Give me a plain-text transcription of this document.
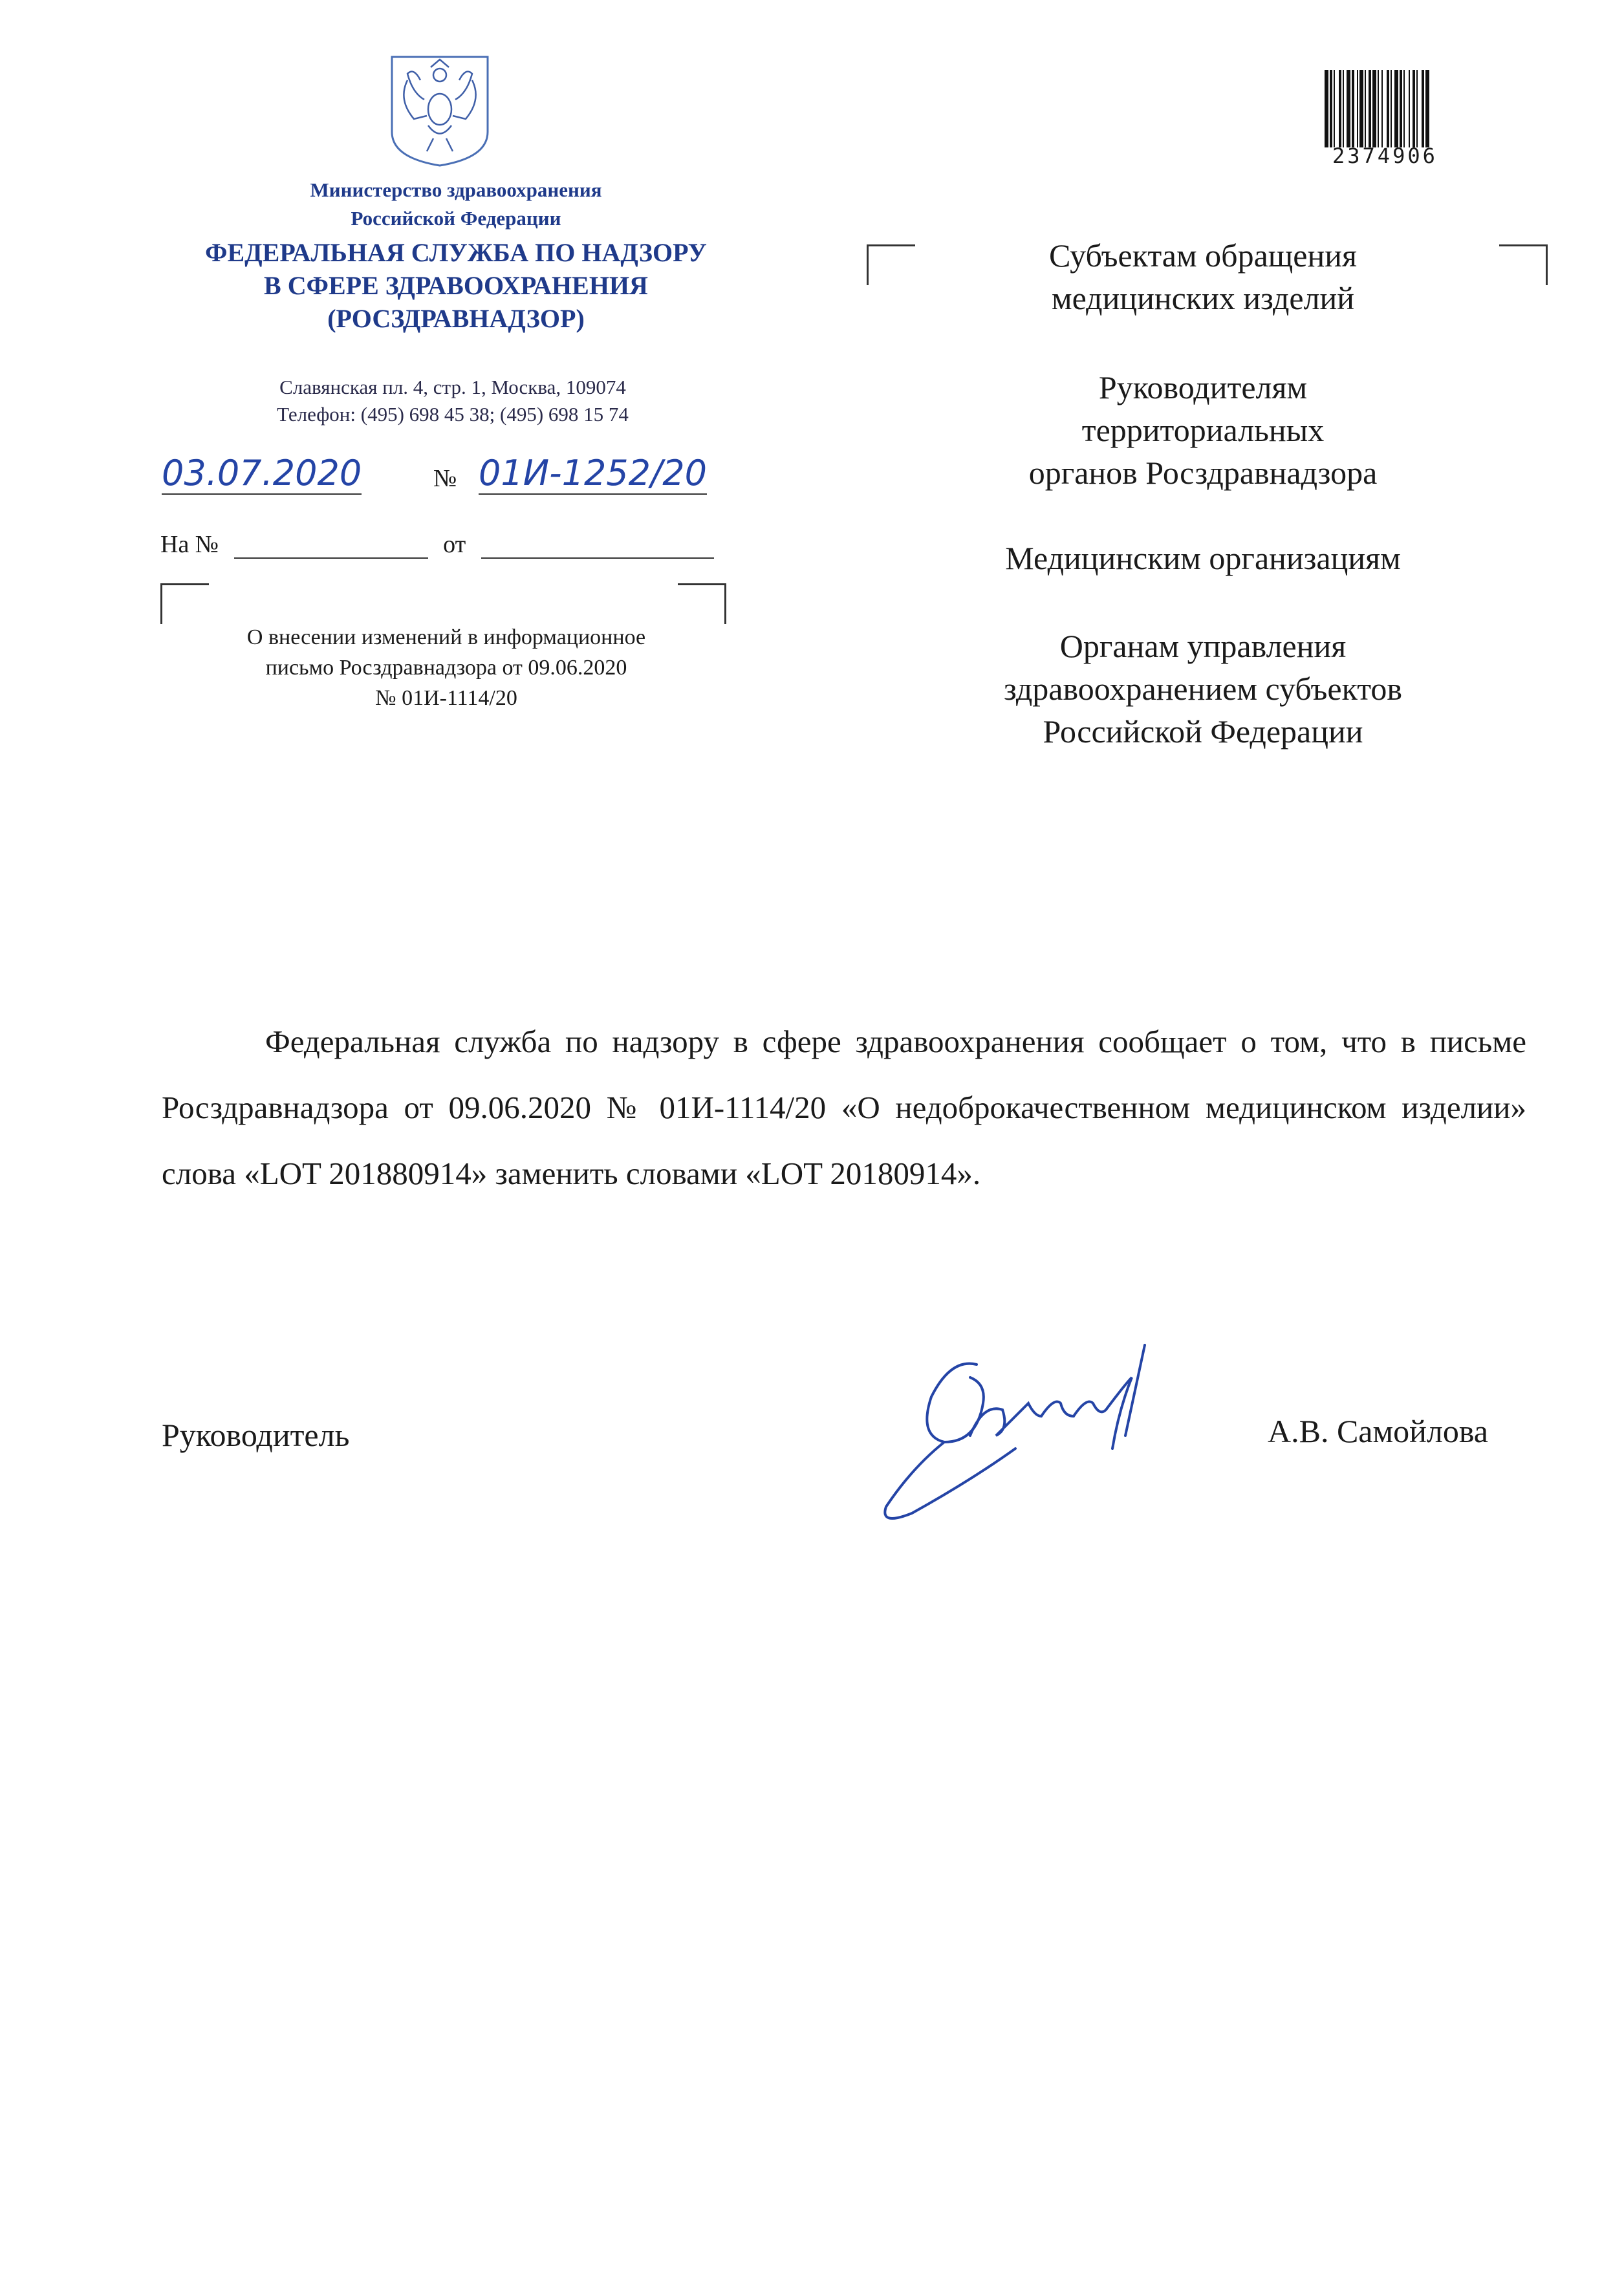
Министерство здравоохранения
Российской Федерации
ФЕДЕРАЛЬНАЯ СЛУЖБА ПО НАДЗОРУ
В СФЕРЕ ЗДРАВООХРАНЕНИЯ
(РОСЗДРАВНАДЗОР)
Славянская пл. 4, стр. 1, Москва, 109074
Телефон: (495) 698 45 38; (495) 698 15 74
2374906
03.07.2020	№ 01И-1252/20
На №	от
О внесении изменений в информационное
письмо Росздравнадзора от 09.06.2020
№ 01И-1114/20
Субъектам обращения
медицинских изделий
Руководителям
территориальных
органов Росздравнадзора
Медицинским организациям
Органам управления
здравоохранением субъектов
Российской Федерации
Федеральная служба по надзору в сфере здравоохранения сообщает о том, что в письме Росздравнадзора от 09.06.2020 № 01И-1114/20 «О недоброкачественном медицинском изделии» слова «LOT 201880914» заменить словами «LOT 20180914».
Руководитель	А.В. Самойлова
